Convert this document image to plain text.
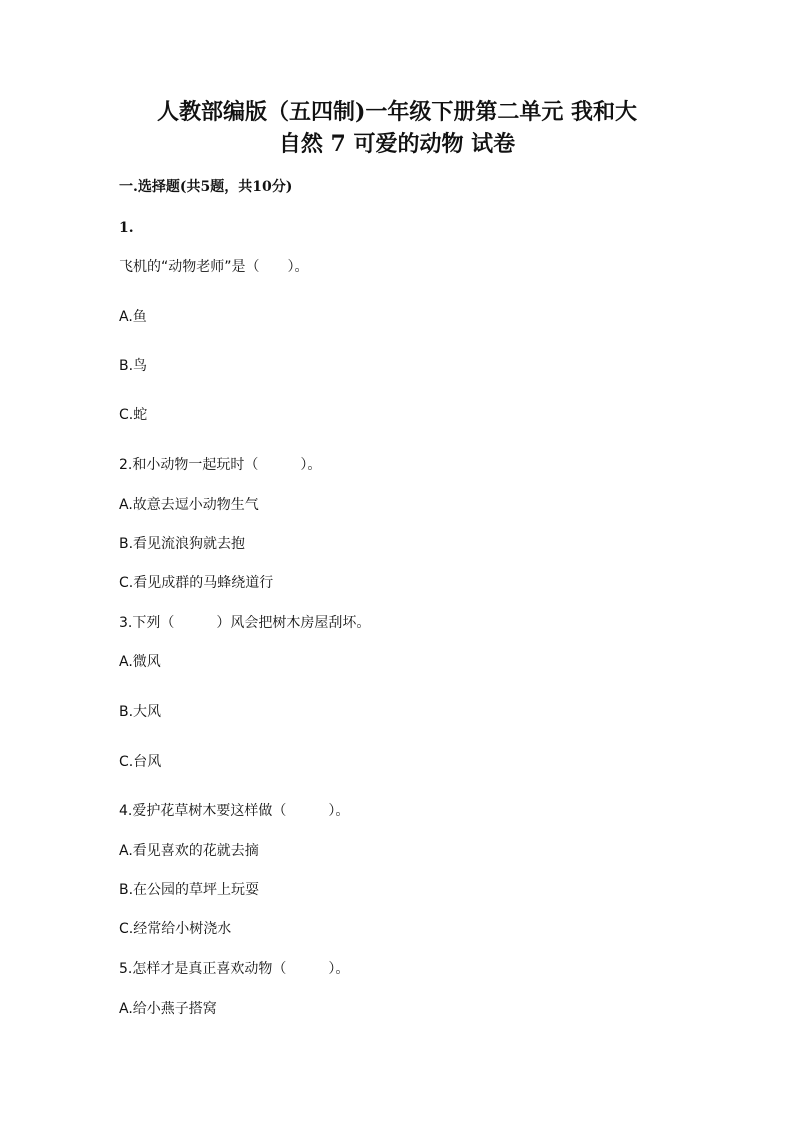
人教部编版（五四制)一年级下册第二单元 我和大
自然 7 可爱的动物 试卷
一.选择题(共5题，共10分)
1.
飞机的“动物老师”是（　　）。
A.鱼
B.鸟
C.蛇
2.和小动物一起玩时（　　　）。
A.故意去逗小动物生气
B.看见流浪狗就去抱
C.看见成群的马蜂绕道行
3.下列（　　　）风会把树木房屋刮坏。
A.微风
B.大风
C.台风
4.爱护花草树木要这样做（　　　）。
A.看见喜欢的花就去摘
B.在公园的草坪上玩耍
C.经常给小树浇水
5.怎样才是真正喜欢动物（　　　）。
A.给小燕子搭窝
